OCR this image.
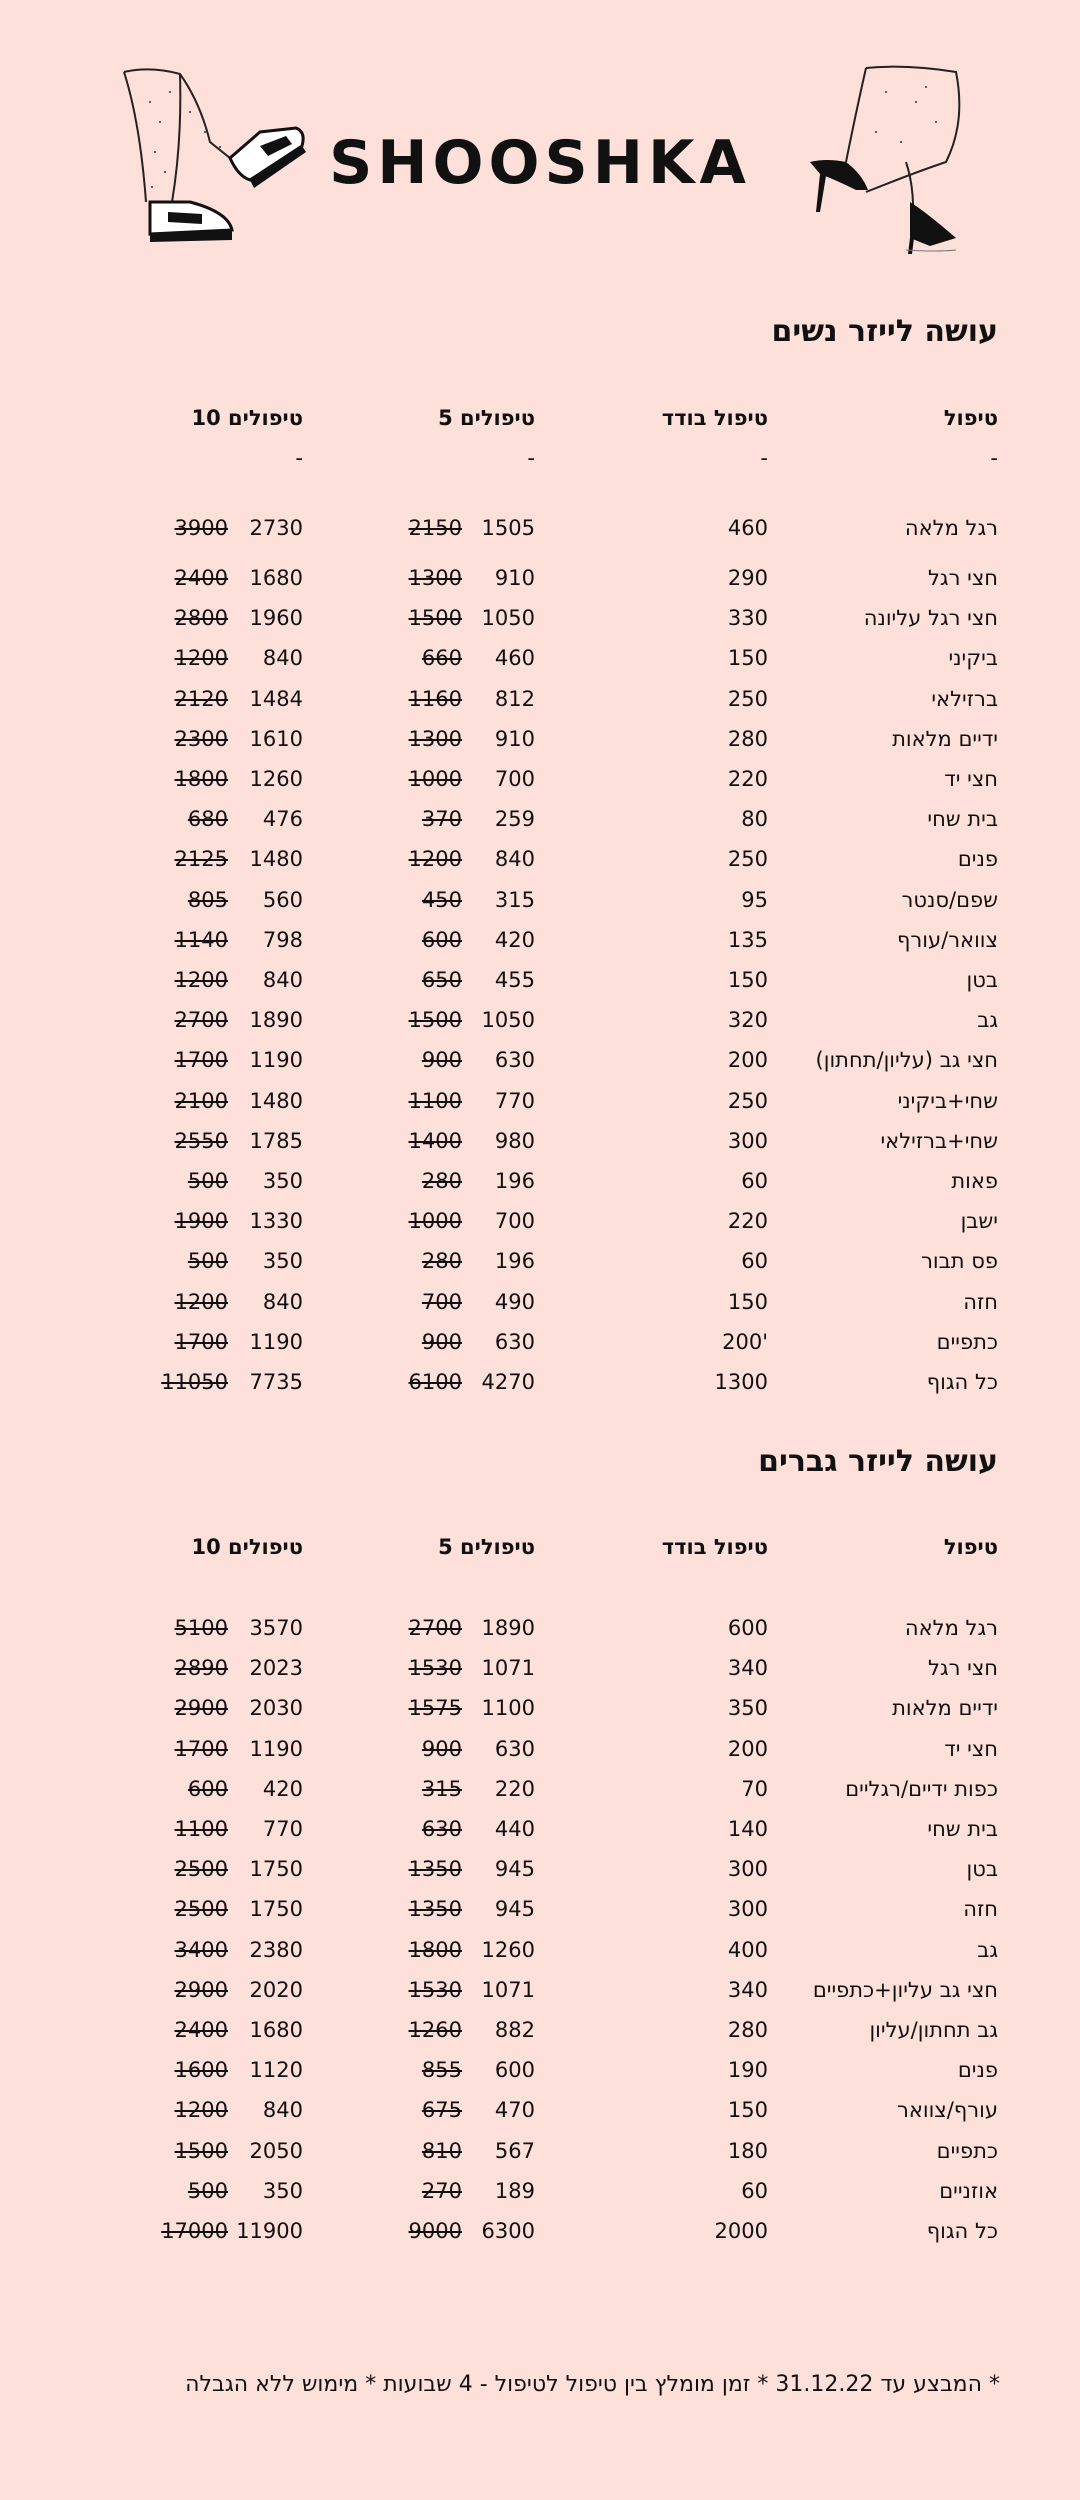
SHOOSHKA
עושה לייזר נשים
טיפול
טיפול בודד
5 טיפולים
10 טיפולים
-
-
-
-
רגל מלאה
460
1505
2150
2730
3900
חצי רגל
290
910
1300
1680
2400
חצי רגל עליונה
330
1050
1500
1960
2800
ביקיני
150
460
660
840
1200
ברזילאי
250
812
1160
1484
2120
ידיים מלאות
280
910
1300
1610
2300
חצי יד
220
700
1000
1260
1800
בית שחי
80
259
370
476
680
פנים
250
840
1200
1480
2125
שפם/סנטר
95
315
450
560
805
צוואר/עורף
135
420
600
798
1140
בטן
150
455
650
840
1200
גב
320
1050
1500
1890
2700
חצי גב (עליון/תחתון)
200
630
900
1190
1700
שחי+ביקיני
250
770
1100
1480
2100
שחי+ברזילאי
300
980
1400
1785
2550
פאות
60
196
280
350
500
ישבן
220
700
1000
1330
1900
פס תבור
60
196
280
350
500
חזה
150
490
700
840
1200
כתפיים
200'
630
900
1190
1700
כל הגוף
1300
4270
6100
7735
11050
עושה לייזר גברים
טיפול
טיפול בודד
5 טיפולים
10 טיפולים
רגל מלאה
600
1890
2700
3570
5100
חצי רגל
340
1071
1530
2023
2890
ידיים מלאות
350
1100
1575
2030
2900
חצי יד
200
630
900
1190
1700
כפות ידיים/רגליים
70
220
315
420
600
בית שחי
140
440
630
770
1100
בטן
300
945
1350
1750
2500
חזה
300
945
1350
1750
2500
גב
400
1260
1800
2380
3400
חצי גב עליון+כתפיים
340
1071
1530
2020
2900
גב תחתון/עליון
280
882
1260
1680
2400
פנים
190
600
855
1120
1600
עורף/צוואר
150
470
675
840
1200
כתפיים
180
567
810
2050
1500
אוזניים
60
189
270
350
500
כל הגוף
2000
6300
9000
11900
17000
* המבצע עד 31.12.22 * זמן מומלץ בין טיפול לטיפול - 4 שבועות * מימוש ללא הגבלה
